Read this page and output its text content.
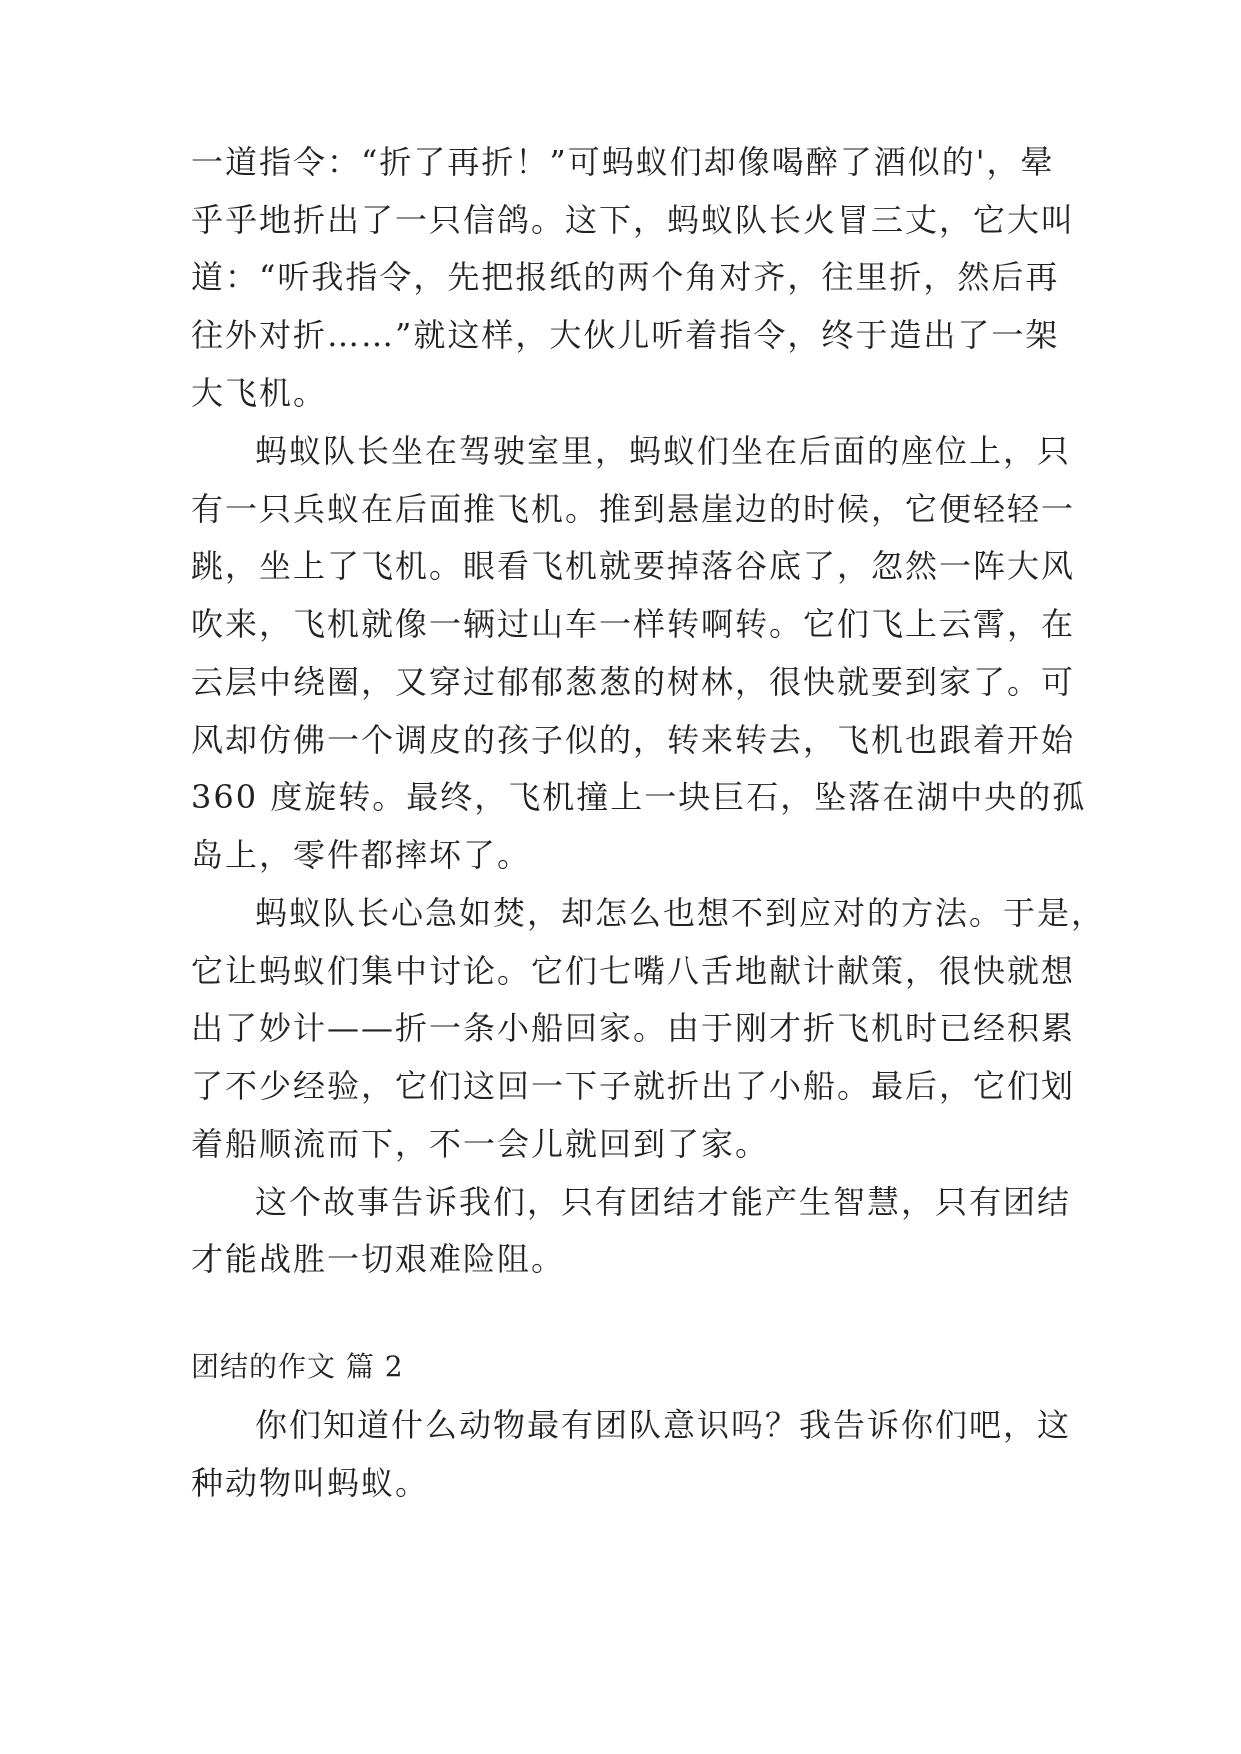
一道指令：“折了再折！”可蚂蚁们却像喝醉了酒似的'，晕
乎乎地折出了一只信鸽。这下，蚂蚁队长火冒三丈，它大叫
道：“听我指令，先把报纸的两个角对齐，往里折，然后再
往外对折……”就这样，大伙儿听着指令，终于造出了一架
大飞机。
蚂蚁队长坐在驾驶室里，蚂蚁们坐在后面的座位上，只
有一只兵蚁在后面推飞机。推到悬崖边的时候，它便轻轻一
跳，坐上了飞机。眼看飞机就要掉落谷底了，忽然一阵大风
吹来，飞机就像一辆过山车一样转啊转。它们飞上云霄，在
云层中绕圈，又穿过郁郁葱葱的树林，很快就要到家了。可
风却仿佛一个调皮的孩子似的，转来转去，飞机也跟着开始
360 度旋转。最终，飞机撞上一块巨石，坠落在湖中央的孤
岛上，零件都摔坏了。
蚂蚁队长心急如焚，却怎么也想不到应对的方法。于是，
它让蚂蚁们集中讨论。它们七嘴八舌地献计献策，很快就想
出了妙计——折一条小船回家。由于刚才折飞机时已经积累
了不少经验，它们这回一下子就折出了小船。最后，它们划
着船顺流而下，不一会儿就回到了家。
这个故事告诉我们，只有团结才能产生智慧，只有团结
才能战胜一切艰难险阻。
团结的作文 篇 2
你们知道什么动物最有团队意识吗？我告诉你们吧，这
种动物叫蚂蚁。
